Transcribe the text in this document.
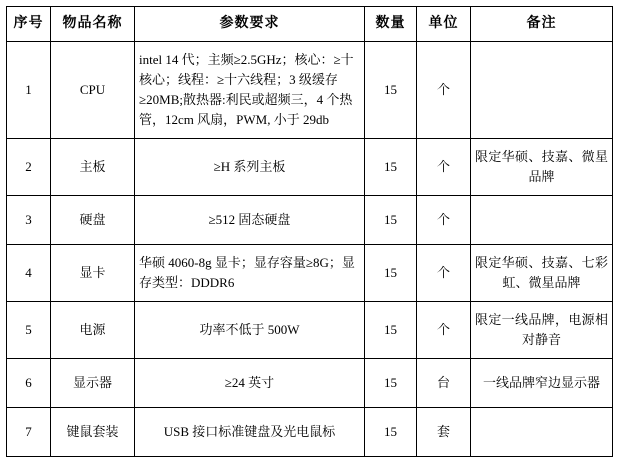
序号	物品名称	参数要求	数量	单位	备注
1	CPU	intel 14 代；主频≥2.5GHz；核心：≥十核心；线程：≥十六线程；3 级缓存≥20MB;散热器:利民或超频三，4 个热管，12cm 风扇，PWM, 小于 29db	15	个	
2	主板	≥H 系列主板	15	个	限定华硕、技嘉、微星品牌
3	硬盘	≥512 固态硬盘	15	个	
4	显卡	华硕 4060-8g 显卡；显存容量≥8G；显存类型：DDDR6	15	个	限定华硕、技嘉、七彩虹、微星品牌
5	电源	功率不低于 500W	15	个	限定一线品牌，电源相对静音
6	显示器	≥24 英寸	15	台	一线品牌窄边显示器
7	键鼠套装	USB 接口标准键盘及光电鼠标	15	套	
